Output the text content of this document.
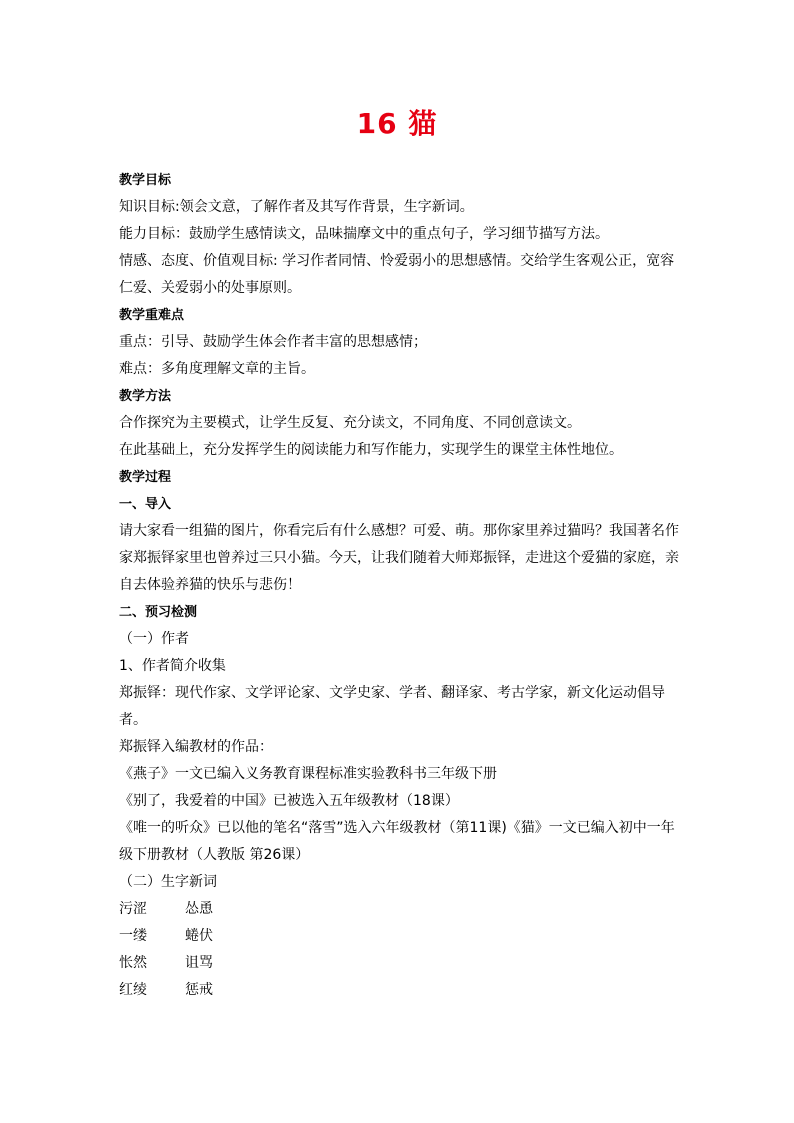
16 猫

教学目标

知识目标:领会文意，了解作者及其写作背景，生字新词。

能力目标：鼓励学生感情读文，品味揣摩文中的重点句子，学习细节描写方法。

情感、态度、价值观目标: 学习作者同情、怜爱弱小的思想感情。交给学生客观公正，宽容仁爱、关爱弱小的处事原则。

教学重难点

重点：引导、鼓励学生体会作者丰富的思想感情；

难点：多角度理解文章的主旨。

教学方法

合作探究为主要模式，让学生反复、充分读文，不同角度、不同创意读文。

在此基础上，充分发挥学生的阅读能力和写作能力，实现学生的课堂主体性地位。

教学过程

一、导入

请大家看一组猫的图片，你看完后有什么感想？可爱、萌。那你家里养过猫吗？我国著名作家郑振铎家里也曾养过三只小猫。今天，让我们随着大师郑振铎，走进这个爱猫的家庭，亲自去体验养猫的快乐与悲伤！

二、预习检测

（一）作者

1、作者简介收集

郑振铎：现代作家、文学评论家、文学史家、学者、翻译家、考古学家，新文化运动倡导者。

郑振铎入编教材的作品：

《燕子》一文已编入义务教育课程标准实验教科书三年级下册

《别了，我爱着的中国》已被选入五年级教材（18课）

《唯一的听众》已以他的笔名“落雪”选入六年级教材（第11课)《猫》一文已编入初中一年级下册教材（人教版 第26课）

（二）生字新词

污涩	怂恿
一缕	蜷伏
怅然	诅骂
红绫	惩戒
